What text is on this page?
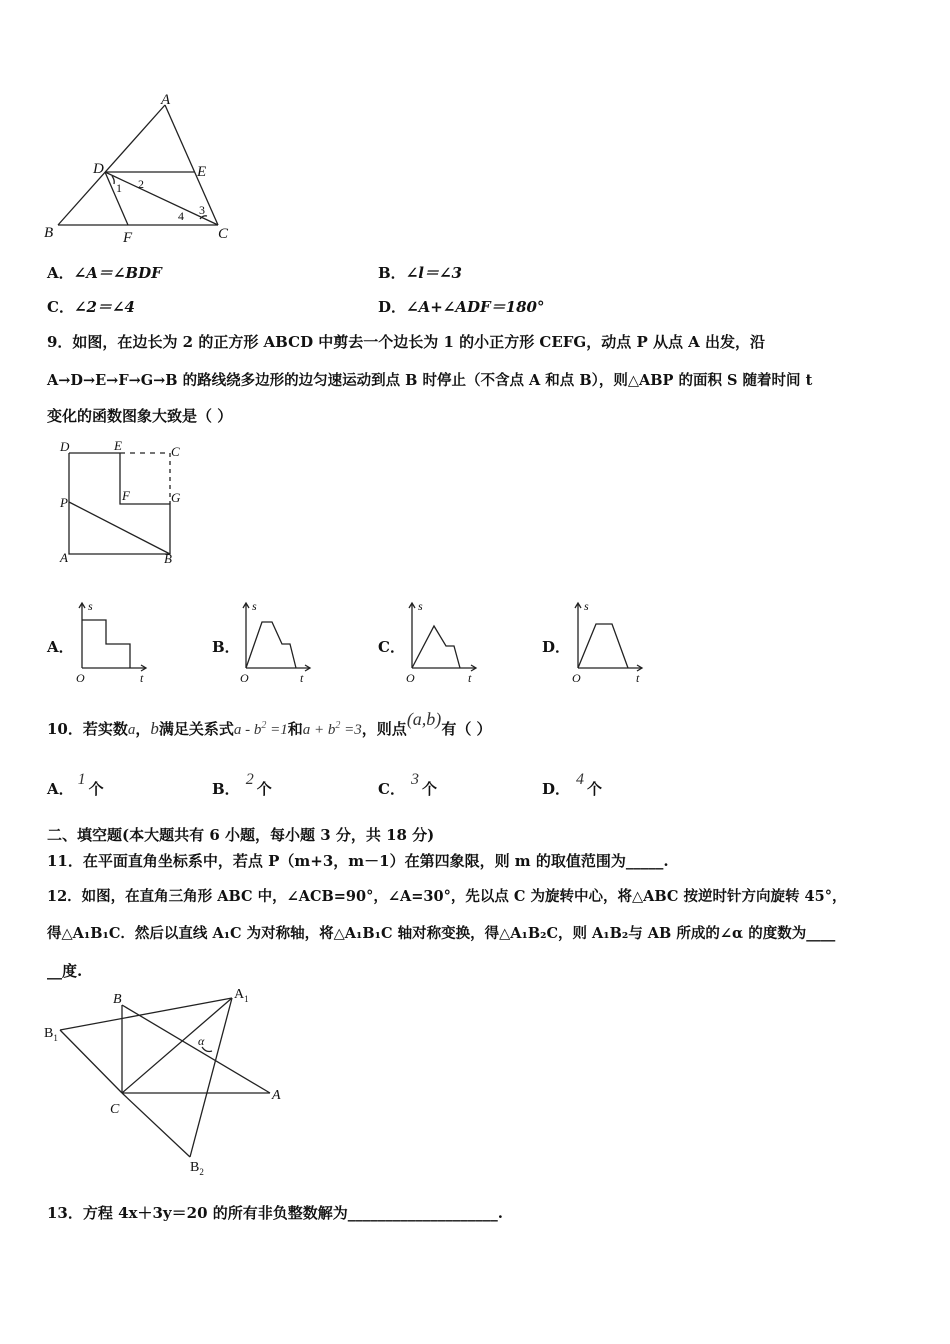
A
D	E
B	F	C
1 2
3
4
A．∠A＝∠BDF	B．∠l＝∠3
C．∠2＝∠4	D．∠A+∠ADF＝180°
9．如图，在边长为 2 的正方形 ABCD 中剪去一个边长为 1 的小正方形 CEFG，动点 P 从点 A 出发，沿
A→D→E→F→G→B 的路线绕多边形的边匀速运动到点 B 时停止（不含点 A 和点 B），则△ABP 的面积 S 随着时间 t
变化的函数图象大致是（ ）
D	E	C
P	F	G
A	B
A．
s
O	t
B．
s
O	t
C．
s
O	t
D．
s
O	t
10．若实数a，b满足关系式$a - b^2 =1$和$a + b^2 =3$，则点(a,b)有（ ）
A．1个	B．2个	C．3个	D．4个
二、填空题(本大题共有 6 小题，每小题 3 分，共 18 分)
11．在平面直角坐标系中，若点 P（m+3，m－1）在第四象限，则 m 的取值范围为_____.
12．如图，在直角三角形 ABC 中，∠ACB=90°，∠A=30°，先以点 C 为旋转中心，将△ABC 按逆时针方向旋转 45°，
得△A₁B₁C．然后以直线 A₁C 为对称轴，将△A₁B₁C 轴对称变换，得△A₁B₂C，则 A₁B₂与 AB 所成的∠α 的度数为____
__度.
B	$A_1$
$B_1$	α
C
A
$B_2$
13．方程 4x＋3y＝20 的所有非负整数解为____________________.
